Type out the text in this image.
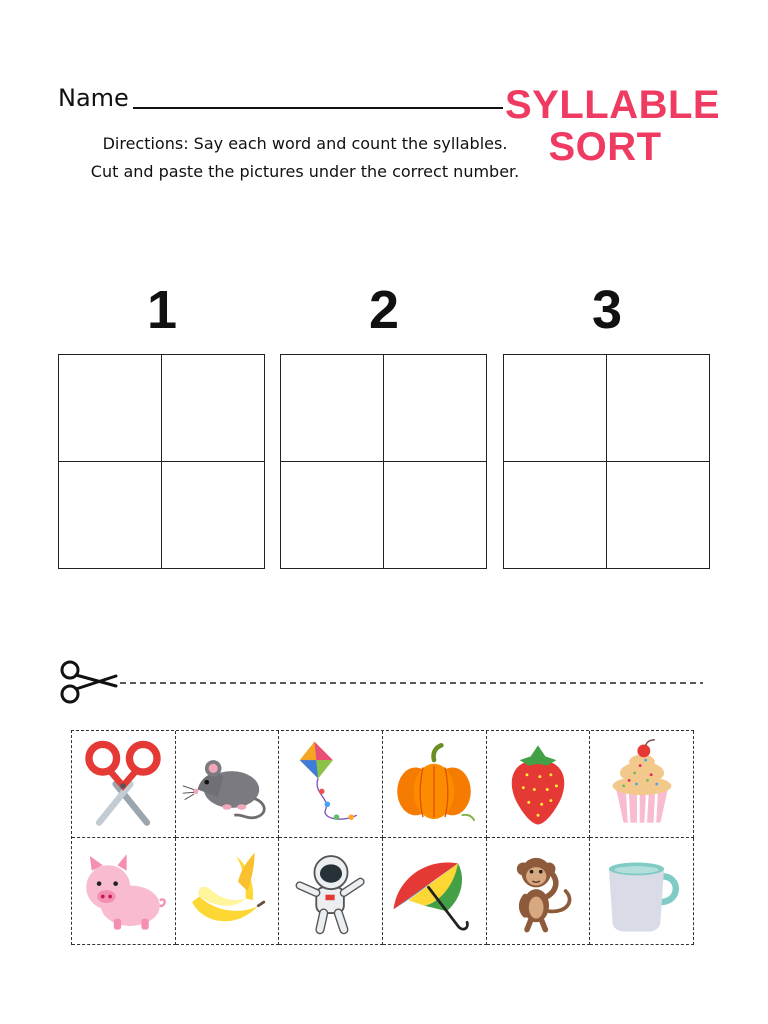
Name	SYLLABLE
SORT
Directions: Say each word and count the syllables.
Cut and paste the pictures under the correct number.
1	2	3
